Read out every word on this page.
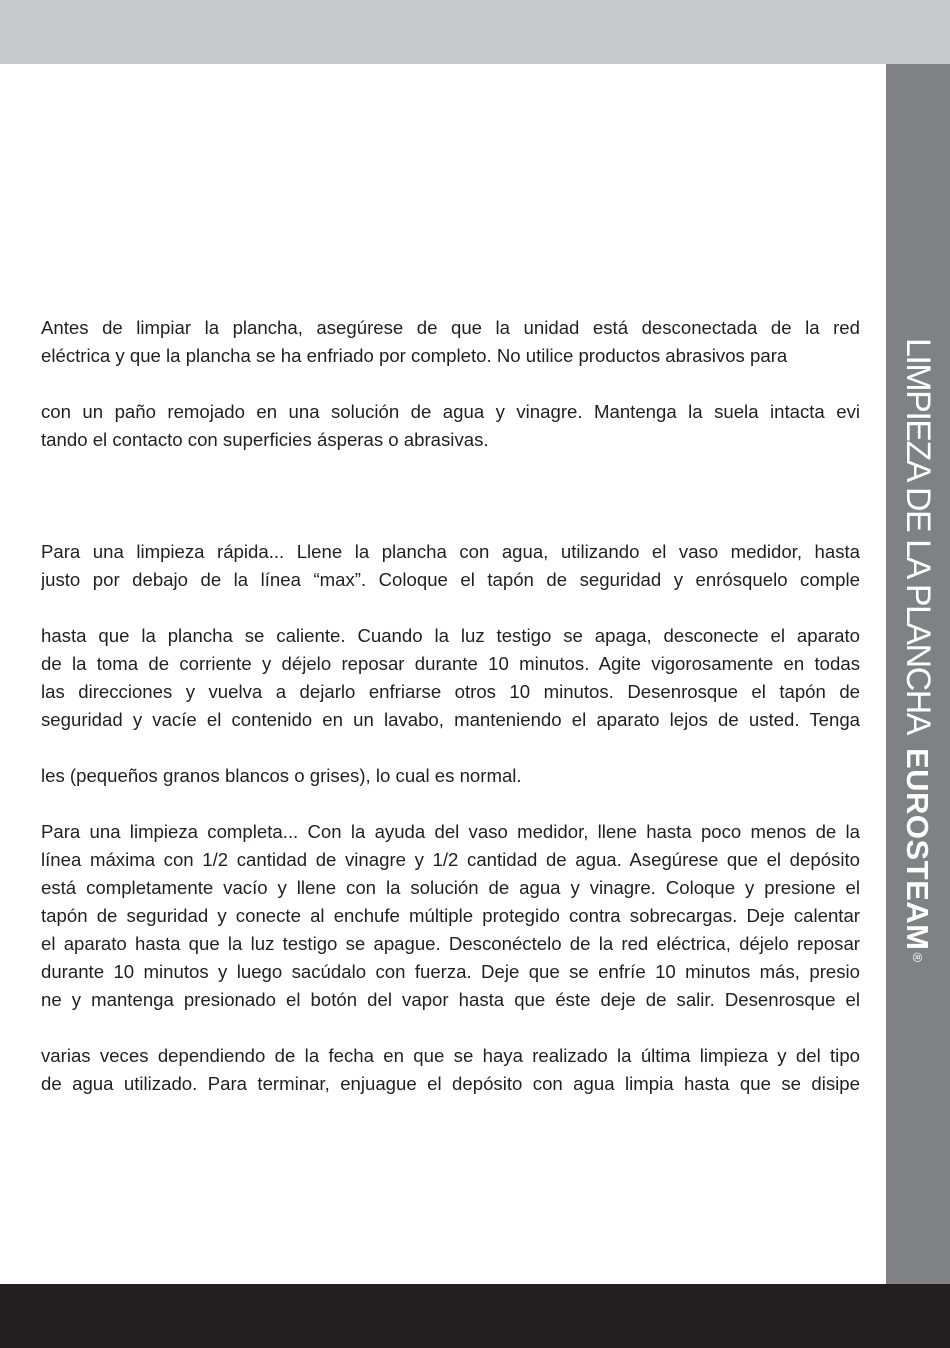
LIMPIEZA DE LA PLANCHAEUROSTEAM®
Antes de limpiar la plancha, asegúrese de que la unidad está desconectada de la red
eléctrica y que la plancha se ha enfriado por completo. No utilice productos abrasivos para
con un paño remojado en una solución de agua y vinagre. Mantenga la suela intacta evi
tando el contacto con superficies ásperas o abrasivas.
Para una limpieza rápida... Llene la plancha con agua, utilizando el vaso medidor, hasta
justo por debajo de la línea “max”. Coloque el tapón de seguridad y enrósquelo comple
hasta que la plancha se caliente. Cuando la luz testigo se apaga, desconecte el aparato
de la toma de corriente y déjelo reposar durante 10 minutos. Agite vigorosamente en todas
las direcciones y vuelva a dejarlo enfriarse otros 10 minutos. Desenrosque el tapón de
seguridad y vacíe el contenido en un lavabo, manteniendo el aparato lejos de usted. Tenga
les (pequeños granos blancos o grises), lo cual es normal.
Para una limpieza completa... Con la ayuda del vaso medidor, llene hasta poco menos de la
línea máxima con 1/2 cantidad de vinagre y 1/2 cantidad de agua. Asegúrese que el depósito
está completamente vacío y llene con la solución de agua y vinagre. Coloque y presione el
tapón de seguridad y conecte al enchufe múltiple protegido contra sobrecargas. Deje calentar
el aparato hasta que la luz testigo se apague. Desconéctelo de la red eléctrica, déjelo reposar
durante 10 minutos y luego sacúdalo con fuerza. Deje que se enfríe 10 minutos más, presio
ne y mantenga presionado el botón del vapor hasta que éste deje de salir. Desenrosque el
varias veces dependiendo de la fecha en que se haya realizado la última limpieza y del tipo
de agua utilizado. Para terminar, enjuague el depósito con agua limpia hasta que se disipe
